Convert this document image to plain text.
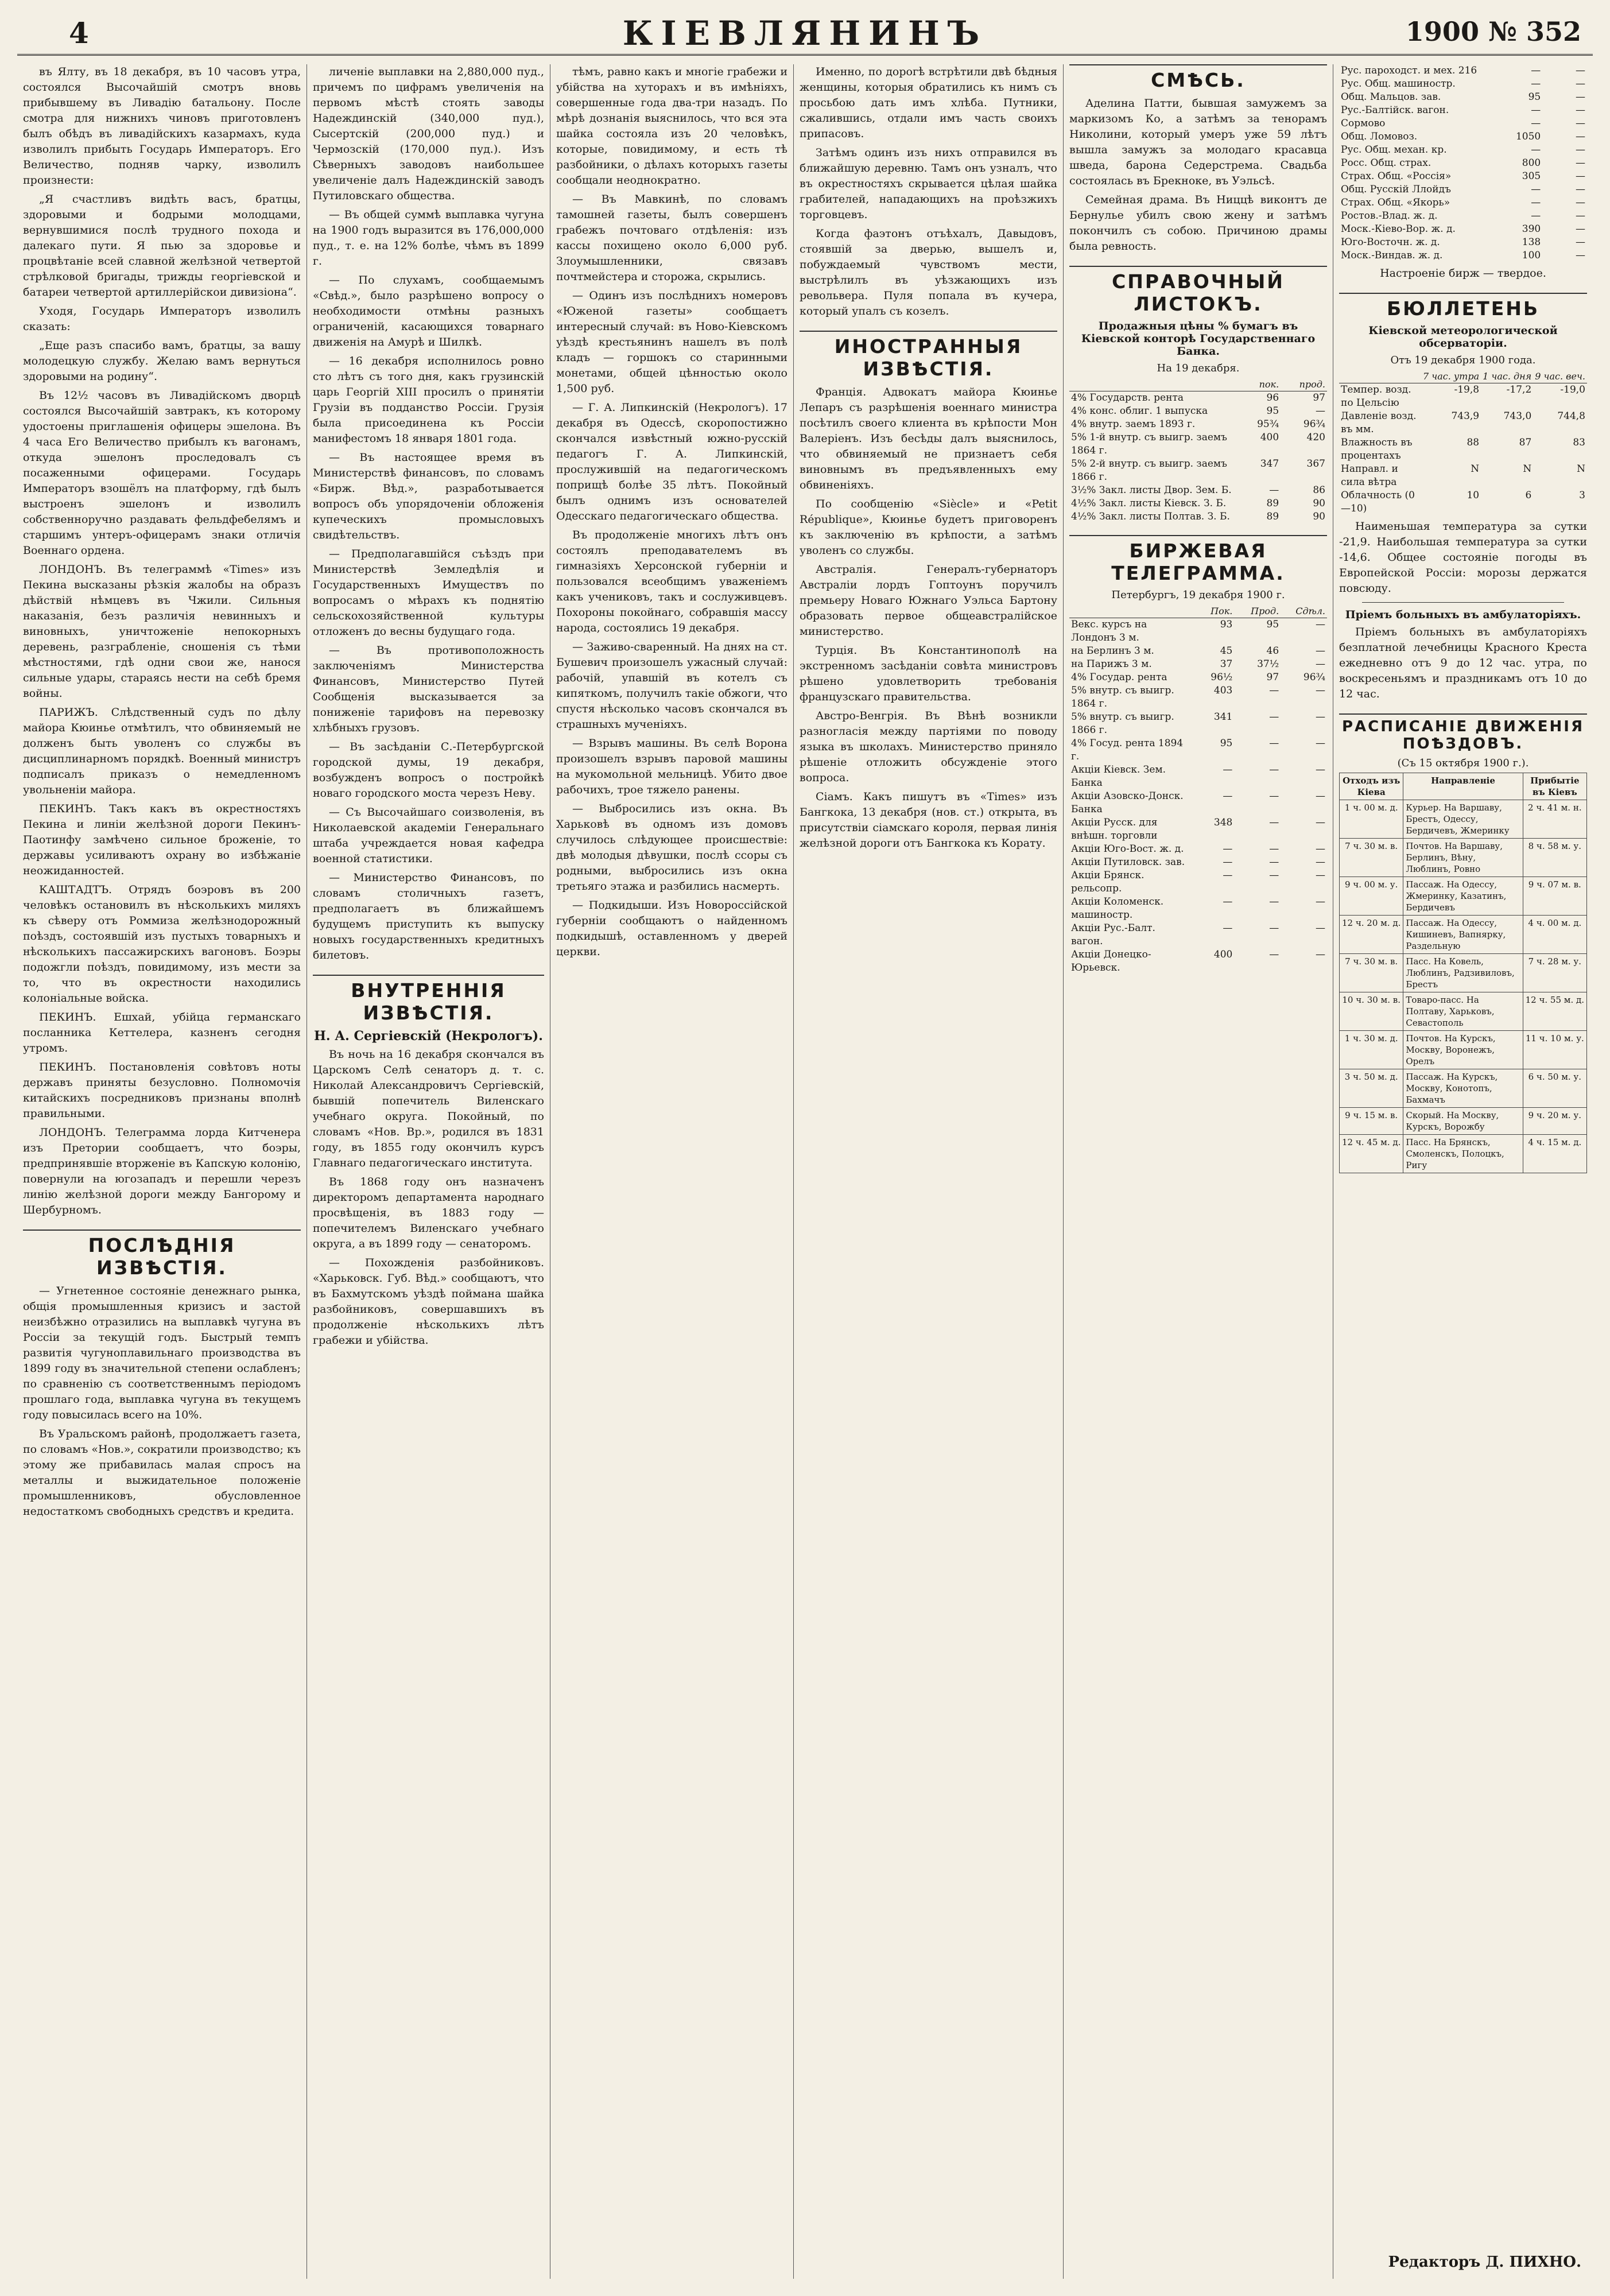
4	КІЕВЛЯНИНЪ	1900 № 352

въ Ялту, въ 18 декабря, въ 10 часовъ утра, состоялся Высочайшій смотръ вновь прибывшему въ Ливадію батальону. После смотра для нижнихъ чиновъ приготовленъ былъ обѣдъ въ ливадійскихъ казармахъ, куда изволилъ прибыть Государь Императоръ. Его Величество, подняв чарку, изволилъ произнести:

„Я счастливъ видѣть васъ, братцы, здоровыми и бодрыми молодцами, вернувшимися послѣ трудного похода и далекаго пути. Я пью за здоровье и процвѣтаніе всей славной желѣзной четвертой стрѣлковой бригады, трижды георгіевской и батареи четвертой артиллерійскои дивизіона“.

Уходя, Государь Императоръ изволилъ сказать:

„Еще разъ спасибо вамъ, братцы, за вашу молодецкую службу. Желаю вамъ вернуться здоровыми на родину“.

Въ 12½ часовъ въ Ливадійскомъ дворцѣ состоялся Высочайшій завтракъ, къ которому удостоены приглашенія офицеры эшелона. Въ 4 часа Его Величество прибылъ къ вагонамъ, откуда эшелонъ проследовалъ съ посаженными офицерами. Государь Императоръ взошёлъ на платформу, гдѣ былъ выстроенъ эшелонъ и изволилъ собственноручно раздавать фельдфебелямъ и старшимъ унтеръ-офицерамъ знаки отличія Военнаго ордена.

ЛОНДОНЪ. Въ телеграммѣ «Times» изъ Пекина высказаны рѣзкія жалобы на образъ дѣйствій нѣмцевъ въ Чжили. Сильныя наказанія, безъ различія невинныхъ и виновныхъ, уничтоженіе непокорныхъ деревень, разграбленіе, сношенія съ тѣми мѣстностями, гдѣ одни свои же, нанося сильные удары, стараясь нести на себѣ бремя войны.

ПАРИЖЪ. Слѣдственный судъ по дѣлу майора Кюинье отмѣтилъ, что обвиняемый не долженъ быть уволенъ со службы въ дисциплинарномъ порядкѣ. Военный министръ подписалъ приказъ о немедленномъ увольненіи майора.

ПЕКИНЪ. Такъ какъ въ окрестностяхъ Пекина и линіи желѣзной дороги Пекинъ-Паотинфу замѣчено сильное броженіе, то державы усиливаютъ охрану во избѣжаніе неожиданностей.

КАШТАДТЪ. Отрядъ боэровъ въ 200 человѣкъ остановилъ въ нѣсколькихъ миляхъ къ сѣверу отъ Роммиза желѣзнодорожный поѣздъ, состоявшій изъ пустыхъ товарныхъ и нѣсколькихъ пассажирскихъ вагоновъ. Боэры подожгли поѣздъ, повидимому, изъ мести за то, что въ окрестности находились колоніальные войска.

ПЕКИНЪ. Ешхай, убійца германскаго посланника Кеттелера, казненъ сегодня утромъ.

ПЕКИНЪ. Постановленія совѣтовъ ноты державъ приняты безусловно. Полномочія китайскихъ посредниковъ признаны вполнѣ правильными.

ЛОНДОНЪ. Телеграмма лорда Китченера изъ Претории сообщаетъ, что боэры, предпринявшіе вторженіе въ Капскую колонію, повернули на югозападъ и перешли черезъ линію желѣзной дороги между Бангорому и Шербурномъ.

ПОСЛѢДНІЯ ИЗВѢСТІЯ.

— Угнетенное состояніе денежнаго рынка, общія промышленныя кризисъ и застой неизбѣжно отразились на выплавкѣ чугуна въ Россіи за текущій годъ. Быстрый темпъ развитія чугуноплавильнаго производства въ 1899 году въ значительной степени ослабленъ; по сравненію съ соответственнымъ періодомъ прошлаго года, выплавка чугуна въ текущемъ году повысилась всего на 10%.

Въ Уральскомъ районѣ, продолжаетъ газета, по словамъ «Нов.», сократили производство; къ этому же прибавилась малая спросъ на металлы и выжидательное положеніе промышленниковъ, обусловленное недостаткомъ свободныхъ средствъ и кредита.

личеніе выплавки на 2,880,000 пуд., причемъ по цифрамъ увеличенія на первомъ мѣстѣ стоять заводы Надеждинскій (340,000 пуд.), Сысертскій (200,000 пуд.) и Чермозскій (170,000 пуд.). Изъ Сѣверныхъ заводовъ наибольшее увеличеніе далъ Надеждинскій заводъ Путиловскаго общества.

— Въ общей суммѣ выплавка чугуна на 1900 годъ выразится въ 176,000,000 пуд., т. е. на 12% болѣе, чѣмъ въ 1899 г.

— По слухамъ, сообщаемымъ «Свѣд.», было разрѣшено вопросу о необходимости отмѣны разныхъ ограниченій, касающихся товарнаго движенія на Амурѣ и Шилкѣ.

— 16 декабря исполнилось ровно сто лѣтъ съ того дня, какъ грузинскій царь Георгій XIII просилъ о принятіи Грузіи въ подданство Россіи. Грузія была присоединена къ Россіи манифестомъ 18 января 1801 года.

— Въ настоящее время въ Министерствѣ финансовъ, по словамъ «Бирж. Вѣд.», разработывается вопросъ объ упорядоченіи обложенія купеческихъ промысловыхъ свидѣтельствъ.

— Предполагавшійся съѣздъ при Министерствѣ Земледѣлія и Государственныхъ Имуществъ по вопросамъ о мѣрахъ къ поднятію сельскохозяйственной культуры отложенъ до весны будущаго года.

— Въ противоположность заключеніямъ Министерства Финансовъ, Министерство Путей Сообщенія высказывается за пониженіе тарифовъ на перевозку хлѣбныхъ грузовъ.

— Въ засѣданіи С.-Петербургской городской думы, 19 декабря, возбужденъ вопросъ о постройкѣ новаго городского моста черезъ Неву.

— Съ Высочайшаго соизволенія, въ Николаевской академіи Генеральнаго штаба учреждается новая кафедра военной статистики.

— Министерство Финансовъ, по словамъ столичныхъ газетъ, предполагаетъ въ ближайшемъ будущемъ приступить къ выпуску новыхъ государственныхъ кредитныхъ билетовъ.

ВНУТРЕННІЯ ИЗВѢСТІЯ.
Н. А. Сергіевскій (Некрологъ).

Въ ночь на 16 декабря скончался въ Царскомъ Селѣ сенаторъ д. т. с. Николай Александровичъ Сергіевскій, бывшій попечитель Виленскаго учебнаго округа. Покойный, по словамъ «Нов. Вр.», родился въ 1831 году, въ 1855 году окончилъ курсъ Главнаго педагогическаго института.

Въ 1868 году онъ назначенъ директоромъ департамента народнаго просвѣщенія, въ 1883 году — попечителемъ Виленскаго учебнаго округа, а въ 1899 году — сенаторомъ.

— Похожденія разбойниковъ. «Харьковск. Губ. Вѣд.» сообщаютъ, что въ Бахмутскомъ уѣздѣ поймана шайка разбойниковъ, совершавшихъ въ продолженіе нѣсколькихъ лѣтъ грабежи и убійства.

тѣмъ, равно какъ и многіе грабежи и убійства на хуторахъ и въ имѣніяхъ, совершенные года два-три назадъ. По мѣрѣ дознанія выяснилось, что вся эта шайка состояла изъ 20 человѣкъ, которые, повидимому, и есть тѣ разбойники, о дѣлахъ которыхъ газеты сообщали неоднократно.

— Въ Мавкинѣ, по словамъ тамошней газеты, былъ совершенъ грабежъ почтоваго отдѣленія: изъ кассы похищено около 6,000 руб. Злоумышленники, связавъ почтмейстера и сторожа, скрылись.

— Одинъ изъ послѣднихъ номеровъ «Юженой газеты» сообщаетъ интересный случай: въ Ново-Кіевскомъ уѣздѣ крестьянинъ нашелъ въ полѣ кладъ — горшокъ со старинными монетами, общей цѣнностью около 1,500 руб.

— Г. А. Липкинскій (Некрологъ). 17 декабря въ Одессѣ, скоропостижно скончался извѣстный южно-русскій педагогъ Г. А. Липкинскій, прослужившій на педагогическомъ поприщѣ болѣе 35 лѣтъ. Покойный былъ однимъ изъ основателей Одесскаго педагогическаго общества.

Въ продолженіе многихъ лѣтъ онъ состоялъ преподавателемъ въ гимназіяхъ Херсонской губерніи и пользовался всеобщимъ уваженіемъ какъ учениковъ, такъ и сослуживцевъ. Похороны покойнаго, собравшія массу народа, состоялись 19 декабря.

— Заживо-сваренный. На днях на ст. Бушевич произошелъ ужасный случай: рабочій, упавшій въ котелъ съ кипяткомъ, получилъ такіе обжоги, что спустя нѣсколько часовъ скончался въ страшныхъ мученіяхъ.

— Взрывъ машины. Въ селѣ Ворона произошелъ взрывъ паровой машины на мукомольной мельницѣ. Убито двое рабочихъ, трое тяжело ранены.

— Выбросились изъ окна. Въ Харьковѣ въ одномъ изъ домовъ случилось слѣдующее происшествіе: двѣ молодыя дѣвушки, послѣ ссоры съ родными, выбросились изъ окна третьяго этажа и разбились насмерть.

— Подкидыши. Изъ Новороссійской губерніи сообщаютъ о найденномъ подкидышѣ, оставленномъ у дверей церкви.

Именно, по дорогѣ встрѣтили двѣ бѣдныя женщины, которыя обратились къ нимъ съ просьбою дать имъ хлѣба. Путники, сжалившись, отдали имъ часть своихъ припасовъ.

Затѣмъ одинъ изъ нихъ отправился въ ближайшую деревню. Тамъ онъ узналъ, что въ окрестностяхъ скрывается цѣлая шайка грабителей, нападающихъ на проѣзжихъ торговцевъ.

Когда фаэтонъ отъѣхалъ, Давыдовъ, стоявшій за дверью, вышелъ и, побуждаемый чувствомъ мести, выстрѣлилъ въ уѣзжающихъ изъ револьвера. Пуля попала въ кучера, который упалъ съ козелъ.

ИНОСТРАННЫЯ ИЗВѢСТІЯ.

Франція. Адвокатъ майора Кюинье Лепаръ съ разрѣшенія военнаго министра посѣтилъ своего клиента въ крѣпости Мон Валеріенъ. Изъ бесѣды далъ выяснилось, что обвиняемый не признаетъ себя виновнымъ въ предъявленныхъ ему обвиненіяхъ.

По сообщенію «Siècle» и «Petit République», Кюинье будетъ приговоренъ къ заключенію въ крѣпости, а затѣмъ уволенъ со службы.

Австралія. Генералъ-губернаторъ Австраліи лордъ Гоптоунъ поручилъ премьеру Новаго Южнаго Уэльса Бартону образовать первое общеавстралійское министерство.

Турція. Въ Константинополѣ на экстренномъ засѣданіи совѣта министровъ рѣшено удовлетворить требованія французскаго правительства.

Австро-Венгрія. Въ Вѣнѣ возникли разногласія между партіями по поводу языка въ школахъ. Министерство приняло рѣшеніе отложить обсужденіе этого вопроса.

Сіамъ. Какъ пишутъ въ «Times» изъ Бангкока, 13 декабря (нов. ст.) открыта, въ присутствіи сіамскаго короля, первая линія желѣзной дороги отъ Бангкока къ Корату.

СМѢСЬ.

Аделина Патти, бывшая замужемъ за маркизомъ Ко, а затѣмъ за тенорамъ Николини, который умеръ уже 59 лѣтъ вышла замужъ за молодаго красавца шведа, барона Седерстрема. Свадьба состоялась въ Брекноке, въ Уэльсѣ.

Семейная драма. Въ Ниццѣ виконтъ де Бернулье убилъ свою жену и затѣмъ покончилъ съ собою. Причиною драмы была ревность.

СПРАВОЧНЫЙ ЛИСТОКЪ.
Продажныя цѣны % бумагъ въ Кіевской конторѣ Государственнаго Банка.
На 19 декабря.
	пок.	прод.
4% Государств. рента	96	97
4% конс. облиг. 1 выпуска	95	—
4% внутр. заемъ 1893 г.	95¾	96¾
5% 1-й внутр. съ выигр. заемъ 1864 г.	400	420
5% 2-й внутр. съ выигр. заемъ 1866 г.	347	367
3½% Закл. листы Двор. Зем. Б.	—	86
4½% Закл. листы Кіевск. З. Б.	89	90
4½% Закл. листы Полтав. З. Б.	89	90
БИРЖЕВАЯ ТЕЛЕГРАММА.
Петербургъ, 19 декабря 1900 г.
	Пок.	Прод.	Сдѣл.
Векс. курсъ на Лондонъ 3 м.	93	95	—
на Берлинъ 3 м.	45	46	—
на Парижъ 3 м.	37	37½	—
4% Государ. рента	96½	97	96¾
5% внутр. съ выигр. 1864 г.	403	—	—
5% внутр. съ выигр. 1866 г.	341	—	—
4% Госуд. рента 1894 г.	95	—	—
Акціи Кіевск. Зем. Банка	—	—	—
Акціи Азовско-Донск. Банка	—	—	—
Акціи Русск. для внѣшн. торговли	348	—	—
Акціи Юго-Вост. ж. д.	—	—	—
Акціи Путиловск. зав.	—	—	—
Акціи Брянск. рельсопр.	—	—	—
Акціи Коломенск. машиностр.	—	—	—
Акціи Рус.-Балт. вагон.	—	—	—
Акціи Донецко-Юрьевск.	400	—	—
Рус. пароходст. и мех. 216	—	—
Рус. Общ. машиностр.	—	—
Общ. Мальцов. зав.	95	—
Рус.-Балтійск. вагон.	—	—
Сормово	—	—
Общ. Ломовоз.	1050	—
Рус. Общ. механ. кр.	—	—
Росс. Общ. страх.	800	—
Страх. Общ. «Россія»	305	—
Общ. Русскій Ллойдъ	—	—
Страх. Общ. «Якорь»	—	—
Ростов.-Влад. ж. д.	—	—
Моск.-Кіево-Вор. ж. д.	390	—
Юго-Восточн. ж. д.	138	—
Моск.-Виндав. ж. д.	100	—

Настроеніе бирж — твердое.

БЮЛЛЕТЕНЬ
Кіевской метеорологической обсерваторіи.
Отъ 19 декабря 1900 года.
	7 час. утра	1 час. дня	9 час. веч.
Темпер. возд. по Цельсію	-19,8	-17,2	-19,0
Давленіе возд. въ мм.	743,9	743,0	744,8
Влажность въ процентахъ	88	87	83
Направл. и сила вѣтра	N	N	N
Облачность (0—10)	10	6	3

Наименьшая температура за сутки -21,9. Наибольшая температура за сутки -14,6. Общее состояніе погоды въ Европейской Россіи: морозы держатся повсюду.

Пріемъ больныхъ въ амбулаторіяхъ.

Пріемъ больныхъ въ амбулаторіяхъ безплатной лечебницы Красного Креста ежедневно отъ 9 до 12 час. утра, по воскресеньямъ и праздникамъ отъ 10 до 12 час.

РАСПИСАНІЕ ДВИЖЕНІЯ ПОѢЗДОВЪ.
(Съ 15 октября 1900 г.).
Отходъ изъ Кіева	Направленіе	Прибытіе въ Кіевъ
1 ч. 00 м. д.	Курьер. На Варшаву, Брестъ, Одессу, Бердичевъ, Жмеринку	2 ч. 41 м. н.
7 ч. 30 м. в.	Почтов. На Варшаву, Берлинъ, Вѣну, Люблинъ, Ровно	8 ч. 58 м. у.
9 ч. 00 м. у.	Пассаж. На Одессу, Жмеринку, Казатинъ, Бердичевъ	9 ч. 07 м. в.
12 ч. 20 м. д.	Пассаж. На Одессу, Кишиневъ, Вапнярку, Раздельную	4 ч. 00 м. д.
7 ч. 30 м. в.	Пасс. На Ковель, Люблинъ, Радзивиловъ, Брестъ	7 ч. 28 м. у.
10 ч. 30 м. в.	Товаро-пасс. На Полтаву, Харьковъ, Севастополь	12 ч. 55 м. д.
1 ч. 30 м. д.	Почтов. На Курскъ, Москву, Воронежъ, Орелъ	11 ч. 10 м. у.
3 ч. 50 м. д.	Пассаж. На Курскъ, Москву, Конотопъ, Бахмачъ	6 ч. 50 м. у.
9 ч. 15 м. в.	Скорый. На Москву, Курскъ, Ворожбу	9 ч. 20 м. у.
12 ч. 45 м. д.	Пасс. На Брянскъ, Смоленскъ, Полоцкъ, Ригу	4 ч. 15 м. д.
Редакторъ Д. ПИХНО.
